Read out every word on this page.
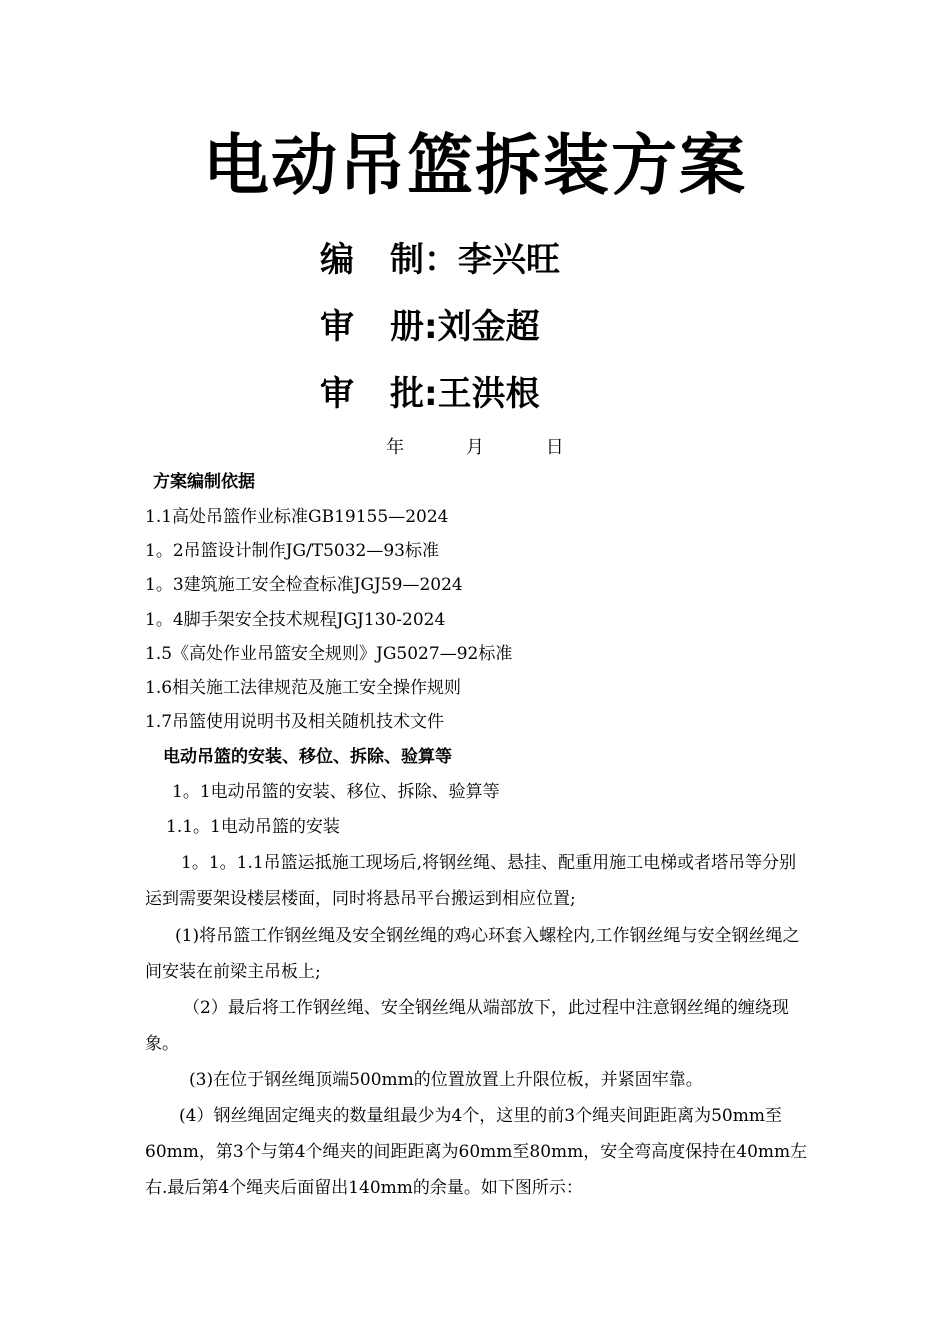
电动吊篮拆装方案
编 制：李兴旺
审 册:刘金超
审 批:王洪根
年	月	日
方案编制依据
1.1高处吊篮作业标准GB19155—2024
1。2吊篮设计制作JG/T5032—93标准
1。3建筑施工安全检查标准JGJ59—2024
1。4脚手架安全技术规程JGJ130-2024
1.5《高处作业吊篮安全规则》JG5027—92标准
1.6相关施工法律规范及施工安全操作规则
1.7吊篮使用说明书及相关随机技术文件
电动吊篮的安装、移位、拆除、验算等
1。1电动吊篮的安装、移位、拆除、验算等
1.1。1电动吊篮的安装
1。1。1.1吊篮运抵施工现场后,将钢丝绳、悬挂、配重用施工电梯或者塔吊等分别运到需要架设楼层楼面，同时将悬吊平台搬运到相应位置;
(1)将吊篮工作钢丝绳及安全钢丝绳的鸡心环套入螺栓内,工作钢丝绳与安全钢丝绳之间安装在前梁主吊板上;
（2）最后将工作钢丝绳、安全钢丝绳从端部放下，此过程中注意钢丝绳的缠绕现象。
(3)在位于钢丝绳顶端500mm的位置放置上升限位板，并紧固牢靠。
(4）钢丝绳固定绳夹的数量组最少为4个，这里的前3个绳夹间距距离为50mm至60mm，第3个与第4个绳夹的间距距离为60mm至80mm，安全弯高度保持在40mm左右.最后第4个绳夹后面留出140mm的余量。如下图所示：
